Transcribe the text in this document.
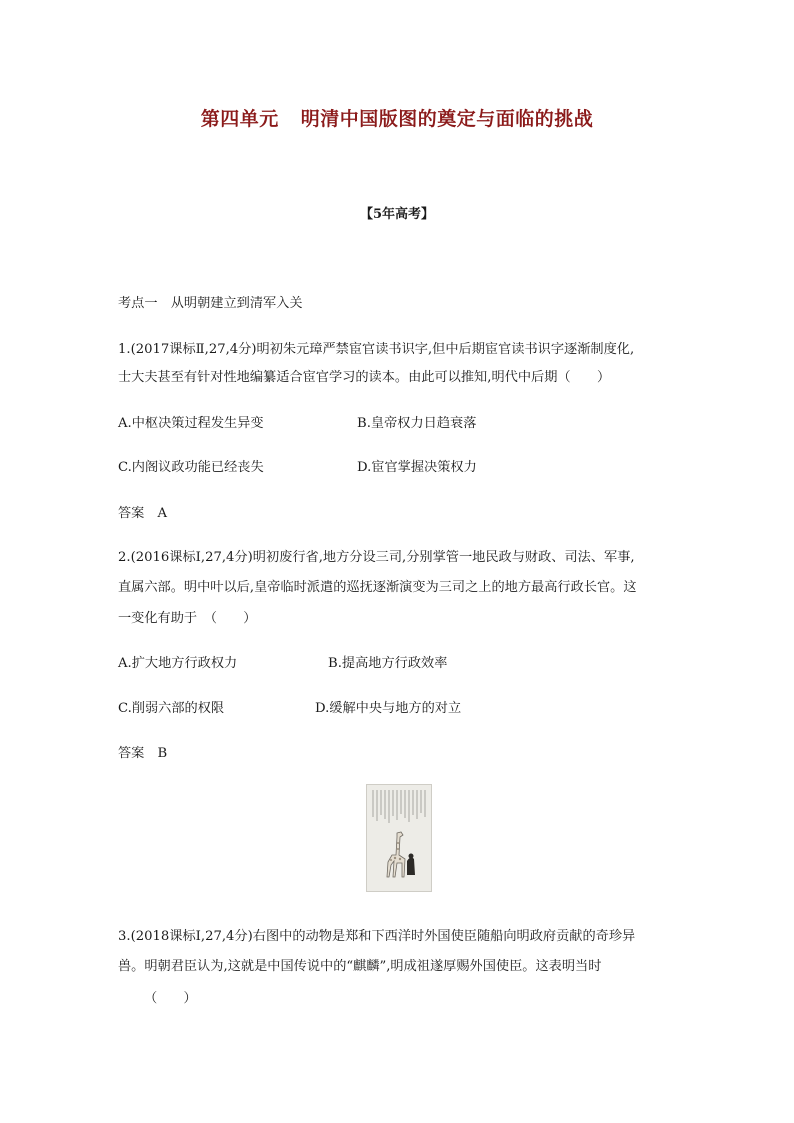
第四单元 明清中国版图的奠定与面临的挑战
【5年高考】
考点一　从明朝建立到清军入关
1.(2017课标Ⅱ,27,4分)明初朱元璋严禁宦官读书识字,但中后期宦官读书识字逐渐制度化,
士大夫甚至有针对性地编纂适合宦官学习的读本。由此可以推知,明代中后期（　　）
A.中枢决策过程发生异变	B.皇帝权力日趋衰落
C.内阁议政功能已经丧失	D.宦官掌握决策权力
答案　A
2.(2016课标Ⅰ,27,4分)明初废行省,地方分设三司,分别掌管一地民政与财政、司法、军事,
直属六部。明中叶以后,皇帝临时派遣的巡抚逐渐演变为三司之上的地方最高行政长官。这
一变化有助于　（　　）
A.扩大地方行政权力	B.提高地方行政效率
C.削弱六部的权限	D.缓解中央与地方的对立
答案　B
3.(2018课标Ⅰ,27,4分)右图中的动物是郑和下西洋时外国使臣随船向明政府贡献的奇珍异
兽。明朝君臣认为,这就是中国传说中的“麒麟”,明成祖遂厚赐外国使臣。这表明当时
（　　）
